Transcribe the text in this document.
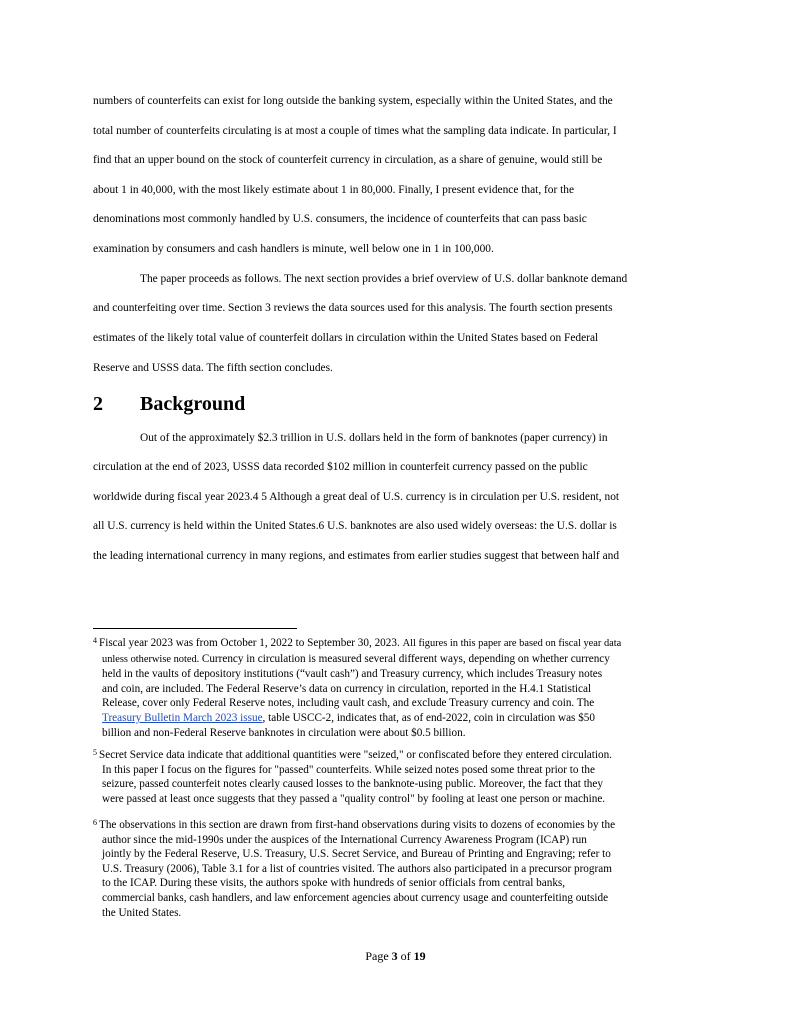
numbers of counterfeits can exist for long outside the banking system, especially within the United States, and the
total number of counterfeits circulating is at most a couple of times what the sampling data indicate. In particular, I
find that an upper bound on the stock of counterfeit currency in circulation, as a share of genuine, would still be
about 1 in 40,000, with the most likely estimate about 1 in 80,000. Finally, I present evidence that, for the
denominations most commonly handled by U.S. consumers, the incidence of counterfeits that can pass basic
examination by consumers and cash handlers is minute, well below one in 1 in 100,000.
The paper proceeds as follows. The next section provides a brief overview of U.S. dollar banknote demand
and counterfeiting over time. Section 3 reviews the data sources used for this analysis. The fourth section presents
estimates of the likely total value of counterfeit dollars in circulation within the United States based on Federal
Reserve and USSS data. The fifth section concludes.
2 Background
Out of the approximately $2.3 trillion in U.S. dollars held in the form of banknotes (paper currency) in
circulation at the end of 2023, USSS data recorded $102 million in counterfeit currency passed on the public
worldwide during fiscal year 2023.4 5 Although a great deal of U.S. currency is in circulation per U.S. resident, not
all U.S. currency is held within the United States.6 U.S. banknotes are also used widely overseas: the U.S. dollar is
the leading international currency in many regions, and estimates from earlier studies suggest that between half and
$^4$ Fiscal year 2023 was from October 1, 2022 to September 30, 2023. All figures in this paper are based on fiscal year data
unless otherwise noted. Currency in circulation is measured several different ways, depending on whether currency
held in the vaults of depository institutions (“vault cash”) and Treasury currency, which includes Treasury notes
and coin, are included. The Federal Reserve’s data on currency in circulation, reported in the H.4.1 Statistical
Release, cover only Federal Reserve notes, including vault cash, and exclude Treasury currency and coin. The
Treasury Bulletin March 2023 issue, table USCC-2, indicates that, as of end-2022, coin in circulation was $50
billion and non-Federal Reserve banknotes in circulation were about $0.5 billion.
$^5$ Secret Service data indicate that additional quantities were "seized," or confiscated before they entered circulation.
In this paper I focus on the figures for "passed" counterfeits. While seized notes posed some threat prior to the
seizure, passed counterfeit notes clearly caused losses to the banknote-using public. Moreover, the fact that they
were passed at least once suggests that they passed a "quality control" by fooling at least one person or machine.
$^6$ The observations in this section are drawn from first-hand observations during visits to dozens of economies by the
author since the mid-1990s under the auspices of the International Currency Awareness Program (ICAP) run
jointly by the Federal Reserve, U.S. Treasury, U.S. Secret Service, and Bureau of Printing and Engraving; refer to
U.S. Treasury (2006), Table 3.1 for a list of countries visited. The authors also participated in a precursor program
to the ICAP. During these visits, the authors spoke with hundreds of senior officials from central banks,
commercial banks, cash handlers, and law enforcement agencies about currency usage and counterfeiting outside
the United States.
Page 3 of 19
